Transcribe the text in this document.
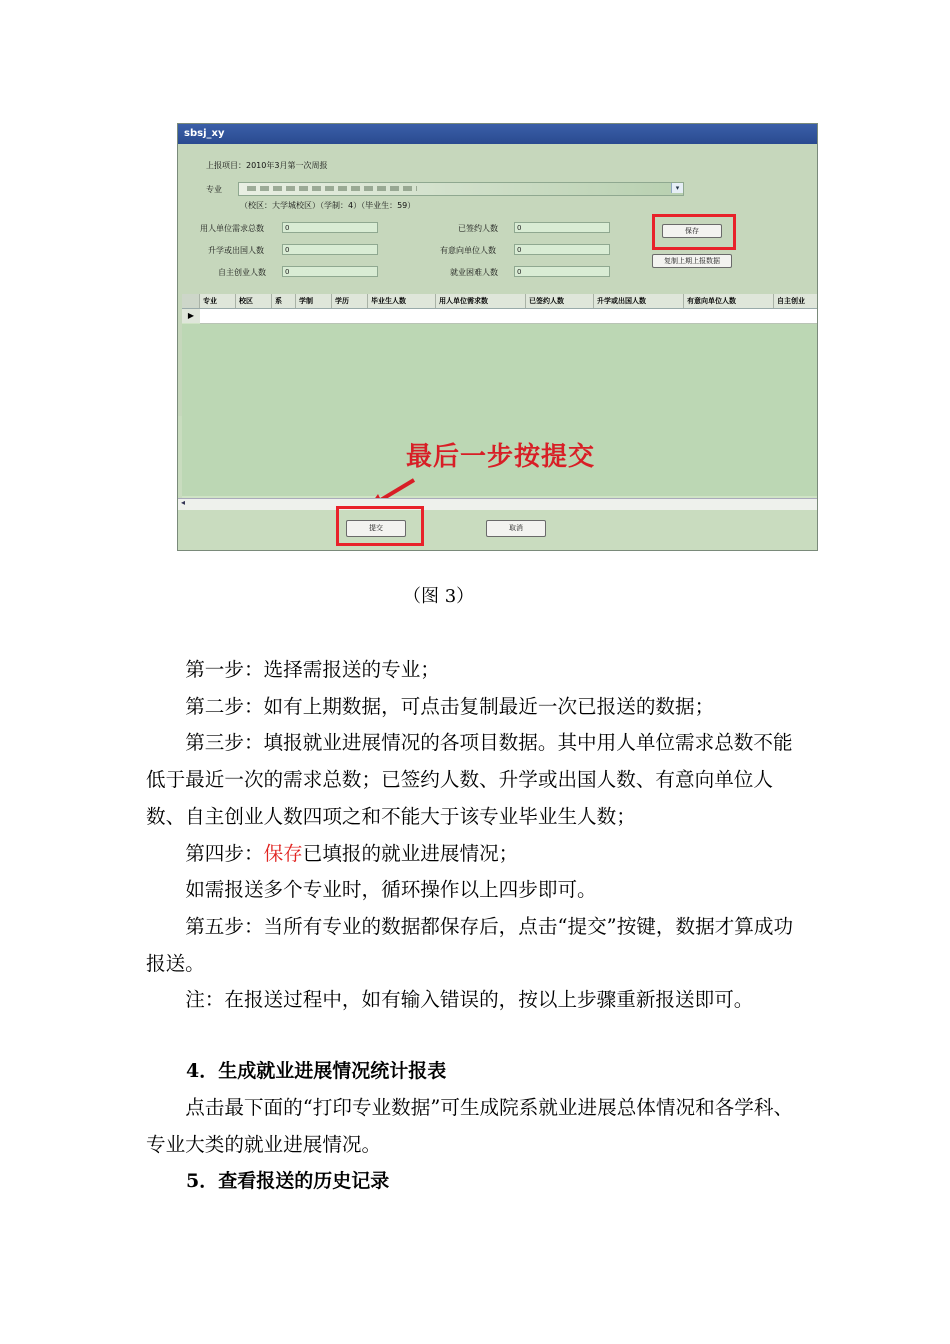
sbsj_xy
上报项目：2010年3月第一次周报
专业	▾
（校区：大学城校区）（学制：4）（毕业生：59）
用人单位需求总数	0
升学或出国人数	0
自主创业人数	0
已签约人数	0
有意向单位人数	0
就业困难人数	0
保存
复制上期上报数据
专业	校区	系	学制	学历	毕业生人数	用人单位需求数	已签约人数	升学或出国人数	有意向单位人数	自主创业
▶
最后一步按提交
◂
提交	取消
（图 3）

第一步：选择需报送的专业；

第二步：如有上期数据，可点击复制最近一次已报送的数据；

第三步：填报就业进展情况的各项目数据。其中用人单位需求总数不能低于最近一次的需求总数；已签约人数、升学或出国人数、有意向单位人数、自主创业人数四项之和不能大于该专业毕业生人数；

第四步：保存已填报的就业进展情况；

如需报送多个专业时，循环操作以上四步即可。

第五步：当所有专业的数据都保存后，点击“提交”按键，数据才算成功报送。

注：在报送过程中，如有输入错误的，按以上步骤重新报送即可。

4．生成就业进展情况统计报表

点击最下面的“打印专业数据”可生成院系就业进展总体情况和各学科、专业大类的就业进展情况。

5．查看报送的历史记录
